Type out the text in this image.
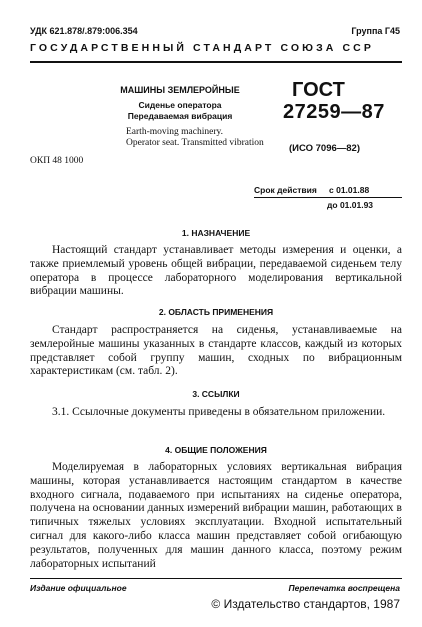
УДК 621.878/.879:006.354	Группа Г45
ГОСУДАРСТВЕННЫЙ СТАНДАРТ СОЮЗА ССР
МАШИНЫ ЗЕМЛЕРОЙНЫЕ
Сиденье оператора
Передаваемая вибрация
Earth-moving machinery.
Operator seat. Transmitted vibration
ГОСТ
27259—87
(ИСО 7096—82)
ОКП 48 1000
Срок действия с 01.01.88
до 01.01.93
1. НАЗНАЧЕНИЕ
Настоящий стандарт устанавливает методы измерения и оценки, а также приемлемый уровень общей вибрации, передаваемой сиденьем телу оператора в процессе лабораторного моделирования вертикальной вибрации машины.
2. ОБЛАСТЬ ПРИМЕНЕНИЯ
Стандарт распространяется на сиденья, устанавливаемые на землеройные машины указанных в стандарте классов, каждый из которых представляет собой группу машин, сходных по вибрационным характеристикам (см. табл. 2).
3. ССЫЛКИ
3.1. Ссылочные документы приведены в обязательном приложении.
4. ОБЩИЕ ПОЛОЖЕНИЯ
Моделируемая в лабораторных условиях вертикальная вибрация машины, которая устанавливается настоящим стандартом в качестве входного сигнала, подаваемого при испытаниях на сиденье оператора, получена на основании данных измерений вибрации машин, работающих в типичных тяжелых условиях эксплуатации. Входной испытательный сигнал для какого-либо класса машин представляет собой огибающую результатов, полученных для машин данного класса, поэтому режим лабораторных испытаний
Издание официальное	Перепечатка воспрещена
© Издательство стандартов, 1987
